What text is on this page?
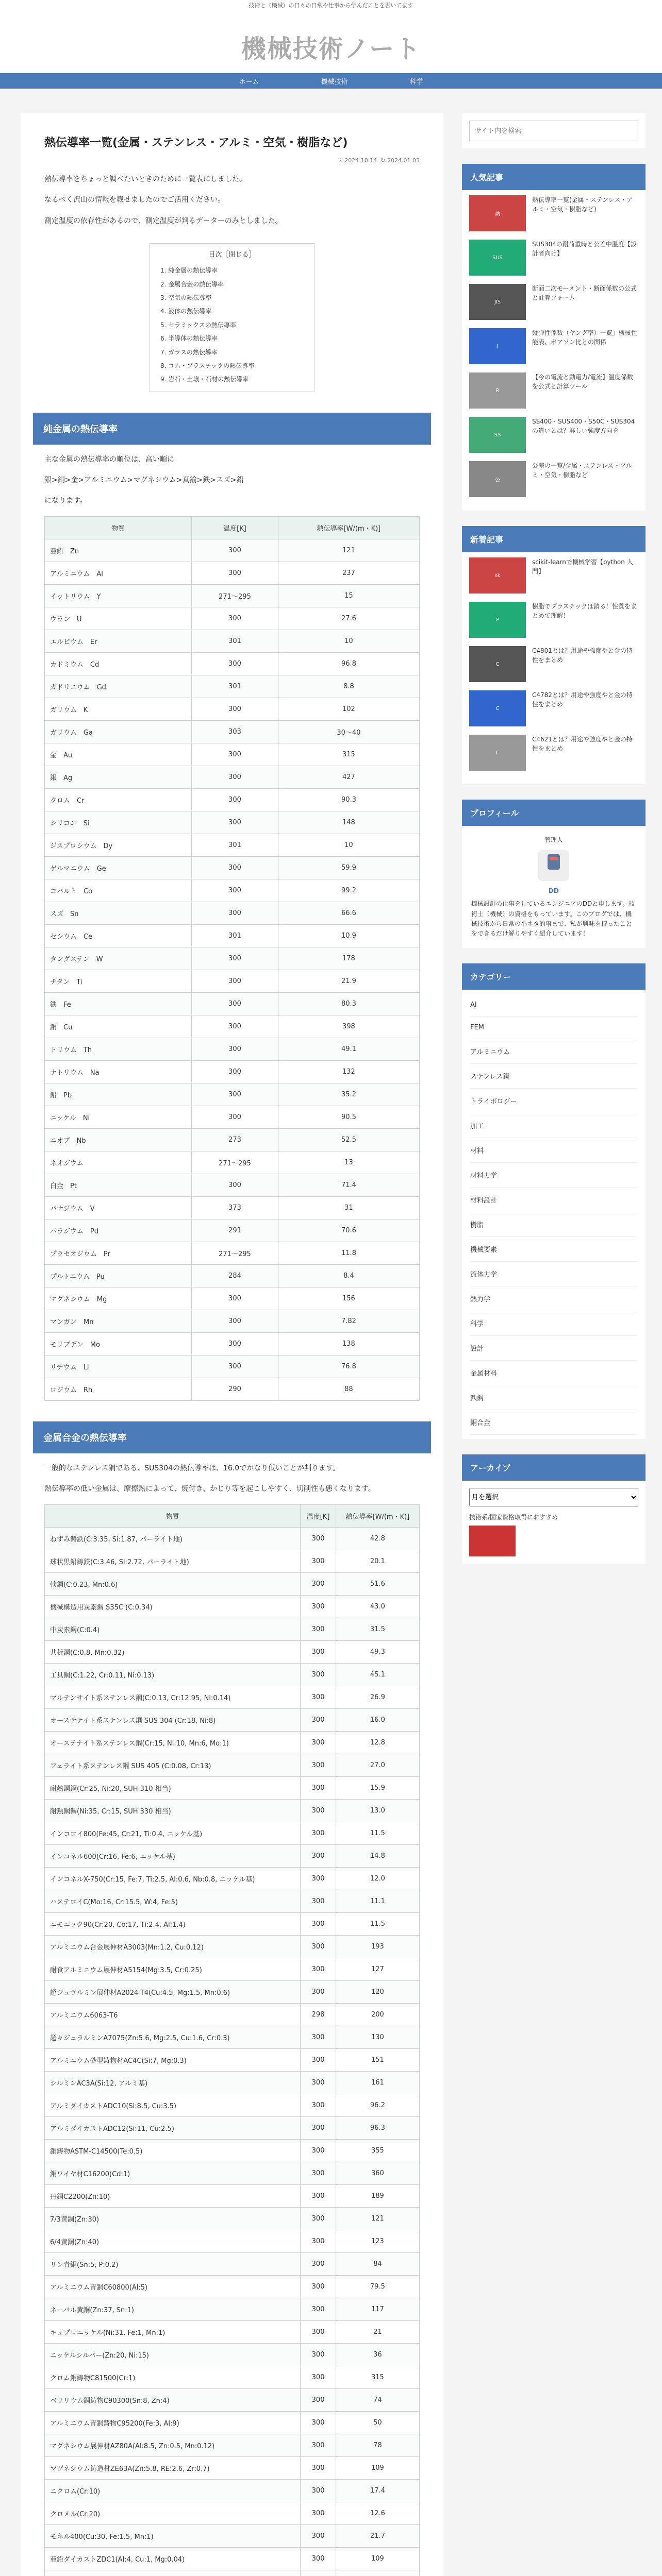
技術と（機械）の日々の日常や仕事から学んだことを書いてます
機械技術ノート
ホーム	機械技術	科学
熱伝導率一覧(金属・ステンレス・アルミ・空気・樹脂など)
⏲ 2024.10.14 ↻ 2024.01.03

熱伝導率をちょっと調べたいときのために一覧表にしました。

なるべく沢山の情報を載せましたのでご活用ください。

測定温度の依存性があるので、測定温度が判るデーターのみとしました。

目次［閉じる］
1. 純金属の熱伝導率
2. 金属合金の熱伝導率
3. 空気の熱伝導率
4. 液体の熱伝導率
5. セラミックスの熱伝導率
6. 半導体の熱伝導率
7. ガラスの熱伝導率
8. ゴム・プラスチックの熱伝導率
9. 岩石・土壌・石材の熱伝導率
純金属の熱伝導率

主な金属の熱伝導率の順位は、高い順に

銀>銅>金>アルミニウム>マグネシウム>真鍮>鉄>スズ>鉛

になります。

物質	温度[K]	熱伝導率[W/(m・K)]
亜鉛　Zn	300	121
アルミニウム　Al	300	237
イットリウム　Y	271〜295	15
ウラン　U	300	27.6
エルビウム　Er	301	10
カドミウム　Cd	300	96.8
ガドリニウム　Gd	301	8.8
ガリウム　K	300	102
ガリウム　Ga	303	30〜40
金　Au	300	315
銀　Ag	300	427
クロム　Cr	300	90.3
シリコン　Si	300	148
ジスプロシウム　Dy	301	10
ゲルマニウム　Ge	300	59.9
コバルト　Co	300	99.2
スズ　Sn	300	66.6
セシウム　Ce	301	10.9
タングステン　W	300	178
チタン　Ti	300	21.9
鉄　Fe	300	80.3
銅　Cu	300	398
トリウム　Th	300	49.1
ナトリウム　Na	300	132
鉛　Pb	300	35.2
ニッケル　Ni	300	90.5
ニオブ　Nb	273	52.5
ネオジウム	271〜295	13
白金　Pt	300	71.4
バナジウム　V	373	31
パラジウム　Pd	291	70.6
プラセオジウム　Pr	271〜295	11.8
プルトニウム　Pu	284	8.4
マグネシウム　Mg	300	156
マンガン　Mn	300	7.82
モリブデン　Mo	300	138
リチウム　Li	300	76.8
ロジウム　Rh	290	88
金属合金の熱伝導率

一般的なステンレス鋼である、SUS304の熱伝導率は、16.0でかなり低いことが判ります。

熱伝導率の低い金属は、摩擦熱によって、焼付き、かじり等を起こしやすく、切削性も悪くなります。

物質	温度[K]	熱伝導率[W/(m・K)]
ねずみ鋳鉄(C:3.35, Si:1.87, パーライト地)	300	42.8
球状黒鉛鋳鉄(C:3.46, Si:2.72, パーライト地)	300	20.1
軟鋼(C:0.23, Mn:0.6)	300	51.6
機械構造用炭素鋼 S35C (C:0.34)	300	43.0
中炭素鋼(C:0.4)	300	31.5
共析鋼(C:0.8, Mn:0.32)	300	49.3
工具鋼(C:1.22, Cr:0.11, Ni:0.13)	300	45.1
マルテンサイト系ステンレス鋼(C:0.13, Cr:12.95, Ni:0.14)	300	26.9
オーステナイト系ステンレス鋼 SUS 304 (Cr:18, Ni:8)	300	16.0
オーステナイト系ステンレス鋼(Cr:15, Ni:10, Mn:6, Mo:1)	300	12.8
フェライト系ステンレス鋼 SUS 405 (C:0.08, Cr:13)	300	27.0
耐熱鋼鋼(Cr:25, Ni:20, SUH 310 相当)	300	15.9
耐熱鋼鋼(Ni:35, Cr:15, SUH 330 相当)	300	13.0
インコロイ800(Fe:45, Cr:21, Ti:0.4, ニッケル基)	300	11.5
インコネル600(Cr:16, Fe:6, ニッケル基)	300	14.8
インコネルX-750(Cr:15, Fe:7, Ti:2.5, Al:0.6, Nb:0.8, ニッケル基)	300	12.0
ハステロイC(Mo:16, Cr:15.5, W:4, Fe:5)	300	11.1
ニモニック90(Cr:20, Co:17, Ti:2.4, Al:1.4)	300	11.5
アルミニウム合金展伸材A3003(Mn:1.2, Cu:0.12)	300	193
耐食アルミニウム展伸材A5154(Mg:3.5, Cr:0.25)	300	127
超ジュラルミン展伸材A2024-T4(Cu:4.5, Mg:1.5, Mn:0.6)	300	120
アルミニウム6063-T6	298	200
超々ジュラルミンA7075(Zn:5.6, Mg:2.5, Cu:1.6, Cr:0.3)	300	130
アルミニウム砂型鋳物材AC4C(Si:7, Mg:0.3)	300	151
シルミンAC3A(Si:12, アルミ基)	300	161
アルミダイカストADC10(Si:8.5, Cu:3.5)	300	96.2
アルミダイカストADC12(Si:11, Cu:2.5)	300	96.3
銅鋳物ASTM-C14500(Te:0.5)	300	355
銅ワイヤ材C16200(Cd:1)	300	360
丹銅C2200(Zn:10)	300	189
7/3黄銅(Zn:30)	300	121
6/4黄銅(Zn:40)	300	123
リン青銅(Sn:5, P:0.2)	300	84
アルミニウム青銅C60800(Al:5)	300	79.5
ネーバル黄銅(Zn:37, Sn:1)	300	117
キュプロニッケル(Ni:31, Fe:1, Mn:1)	300	21
ニッケルシルバー(Zn:20, Ni:15)	300	36
クロム銅鋳物C81500(Cr:1)	300	315
ベリリウム銅鋳物C90300(Sn:8, Zn:4)	300	74
アルミニウム青銅鋳物C95200(Fe:3, Al:9)	300	50
マグネシウム展伸材AZ80A(Al:8.5, Zn:0.5, Mn:0.12)	300	78
マグネシウム鋳造材ZE63A(Zn:5.8, RE:2.6, Zr:0.7)	300	109
ニクロム(Cr:10)	300	17.4
クロメル(Cr:20)	300	12.6
モネル400(Cu:30, Fe:1.5, Mn:1)	300	21.7
亜鉛ダイカストZDC1(Al:4, Cu:1, Mg:0.04)	300	109

サイト内を検索
人気記事
熱
熱伝導率一覧(金属・ステンレス・アルミ・空気・樹脂など)
SUS
SUS304の耐荷重時と公差中温度【設計者向け】
JIS
断面二次モーメント・断面係数の公式と計算フォーム
I
縦弾性係数（ヤング率）一覧」機械性能表、ポアソン比との関係
R
【今の電流と動電力/電流】温度係数を公式と計算ツール
SS
SS400・SUS400・S50C・SUS304の違いとは？詳しい強度方向を
公
公差の一覧/金属・ステンレス・アルミ・空気・樹脂など
新着記事
sk
scikit-learnで機械学習【python 入門】
P
樹脂でプラスチックは錆る！性質をまとめて理解！
C
C4801とは？用途や強度やと金の特性をまとめ
C
C4782とは？用途や強度やと金の特性をまとめ
C
C4621とは？用途や強度やと金の特性をまとめ
プロフィール
管理人
DD
機械設計の仕事をしているエンジニアのDDと申します。技術士（機械）の資格をもっています。このブログでは、機械技術から日常の小ネタ的事まで、私が興味を持ったことをできるだけ解りやすく紹介しています！
カテゴリー
AI
FEM
アルミニウム
ステンレス鋼
トライボロジー
加工
材料
材料力学
材料設計
樹脂
機械要素
流体力学
熱力学
科学
設計
金属材料
鉄鋼
銅合金
アーカイブ
月を選択
技術系/国家資格取得におすすめ
